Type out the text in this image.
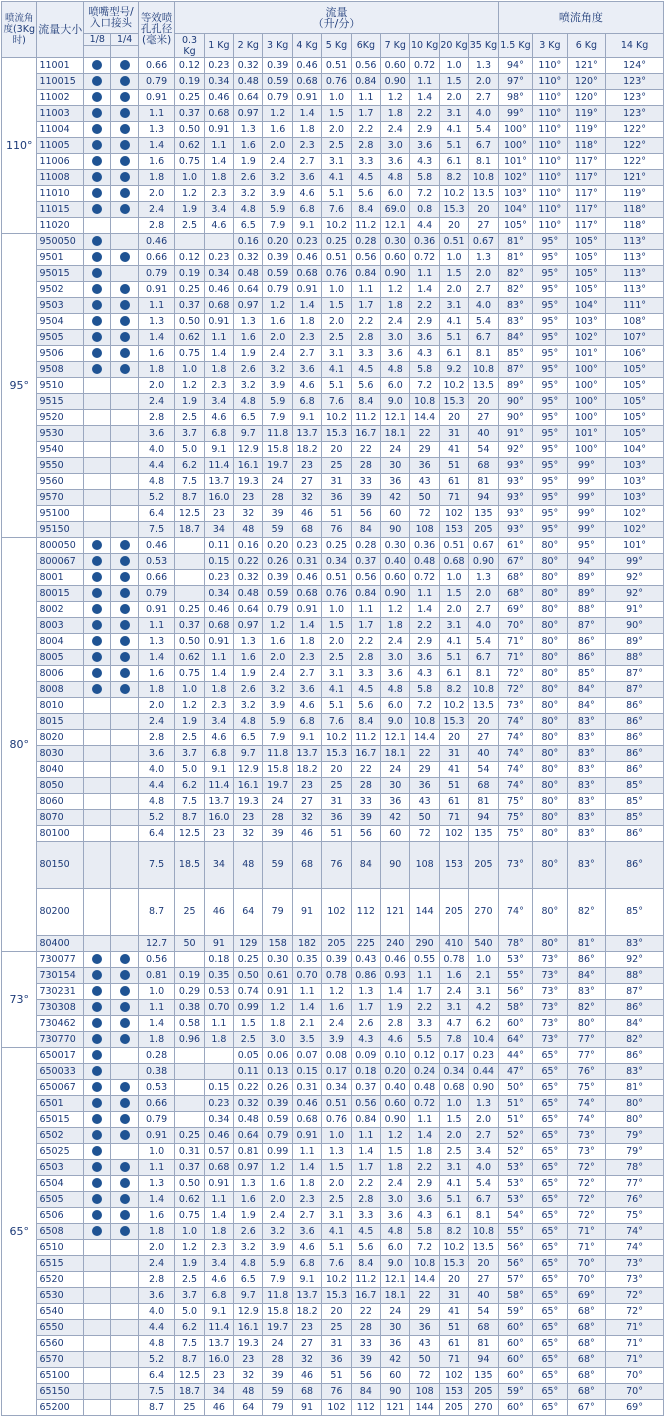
喷流角度(3Kg时)	流量大小	喷嘴型号/入口接头		等效喷孔孔径(毫米)	流量
（升/分）											喷流角度			
		1/8	1/4		0.3 Kg	1 Kg	2 Kg	3 Kg	4 Kg	5 Kg	6Kg	7 Kg	10 Kg	20 Kg	35 Kg	1.5 Kg	3 Kg	6 Kg	14 Kg

110°	11001			0.66	0.12	0.23	0.32	0.39	0.46	0.51	0.56	0.60	0.72	1.0	1.3	94°	110°	121°	124°
	110015			0.79	0.19	0.34	0.48	0.59	0.68	0.76	0.84	0.90	1.1	1.5	2.0	97°	110°	120°	123°
	11002			0.91	0.25	0.46	0.64	0.79	0.91	1.0	1.1	1.2	1.4	2.0	2.7	98°	110°	120°	123°
	11003			1.1	0.37	0.68	0.97	1.2	1.4	1.5	1.7	1.8	2.2	3.1	4.0	99°	110°	119°	123°
	11004			1.3	0.50	0.91	1.3	1.6	1.8	2.0	2.2	2.4	2.9	4.1	5.4	100°	110°	119°	122°
	11005			1.4	0.62	1.1	1.6	2.0	2.3	2.5	2.8	3.0	3.6	5.1	6.7	100°	110°	118°	122°
	11006			1.6	0.75	1.4	1.9	2.4	2.7	3.1	3.3	3.6	4.3	6.1	8.1	101°	110°	117°	122°
	11008			1.8	1.0	1.8	2.6	3.2	3.6	4.1	4.5	4.8	5.8	8.2	10.8	102°	110°	117°	121°
	11010			2.0	1.2	2.3	3.2	3.9	4.6	5.1	5.6	6.0	7.2	10.2	13.5	103°	110°	117°	119°
	11015			2.4	1.9	3.4	4.8	5.9	6.8	7.6	8.4	69.0	0.8	15.3	20	104°	110°	117°	118°
	11020			2.8	2.5	4.6	6.5	7.9	9.1	10.2	11.2	12.1	4.4	20	27	105°	110°	117°	118°
95°	950050			0.46			0.16	0.20	0.23	0.25	0.28	0.30	0.36	0.51	0.67	81°	95°	105°	113°
	9501			0.66	0.12	0.23	0.32	0.39	0.46	0.51	0.56	0.60	0.72	1.0	1.3	81°	95°	105°	113°
	95015			0.79	0.19	0.34	0.48	0.59	0.68	0.76	0.84	0.90	1.1	1.5	2.0	82°	95°	105°	113°
	9502			0.91	0.25	0.46	0.64	0.79	0.91	1.0	1.1	1.2	1.4	2.0	2.7	82°	95°	105°	113°
	9503			1.1	0.37	0.68	0.97	1.2	1.4	1.5	1.7	1.8	2.2	3.1	4.0	83°	95°	104°	111°
	9504			1.3	0.50	0.91	1.3	1.6	1.8	2.0	2.2	2.4	2.9	4.1	5.4	83°	95°	103°	108°
	9505			1.4	0.62	1.1	1.6	2.0	2.3	2.5	2.8	3.0	3.6	5.1	6.7	84°	95°	102°	107°
	9506			1.6	0.75	1.4	1.9	2.4	2.7	3.1	3.3	3.6	4.3	6.1	8.1	85°	95°	101°	106°
	9508			1.8	1.0	1.8	2.6	3.2	3.6	4.1	4.5	4.8	5.8	9.2	10.8	87°	95°	100°	105°
	9510			2.0	1.2	2.3	3.2	3.9	4.6	5.1	5.6	6.0	7.2	10.2	13.5	89°	95°	100°	105°
	9515			2.4	1.9	3.4	4.8	5.9	6.8	7.6	8.4	9.0	10.8	15.3	20	90°	95°	100°	105°
	9520			2.8	2.5	4.6	6.5	7.9	9.1	10.2	11.2	12.1	14.4	20	27	90°	95°	100°	105°
	9530			3.6	3.7	6.8	9.7	11.8	13.7	15.3	16.7	18.1	22	31	40	91°	95°	101°	105°
	9540			4.0	5.0	9.1	12.9	15.8	18.2	20	22	24	29	41	54	92°	95°	100°	104°
	9550			4.4	6.2	11.4	16.1	19.7	23	25	28	30	36	51	68	93°	95°	99°	103°
	9560			4.8	7.5	13.7	19.3	24	27	31	33	36	43	61	81	93°	95°	99°	103°
	9570			5.2	8.7	16.0	23	28	32	36	39	42	50	71	94	93°	95°	99°	103°
	95100			6.4	12.5	23	32	39	46	51	56	60	72	102	135	93°	95°	99°	102°
	95150			7.5	18.7	34	48	59	68	76	84	90	108	153	205	93°	95°	99°	102°
80°	800050			0.46		0.11	0.16	0.20	0.23	0.25	0.28	0.30	0.36	0.51	0.67	61°	80°	95°	101°
	800067			0.53		0.15	0.22	0.26	0.31	0.34	0.37	0.40	0.48	0.68	0.90	67°	80°	94°	99°
	8001			0.66		0.23	0.32	0.39	0.46	0.51	0.56	0.60	0.72	1.0	1.3	68°	80°	89°	92°
	80015			0.79		0.34	0.48	0.59	0.68	0.76	0.84	0.90	1.1	1.5	2.0	68°	80°	89°	92°
	8002			0.91	0.25	0.46	0.64	0.79	0.91	1.0	1.1	1.2	1.4	2.0	2.7	69°	80°	88°	91°
	8003			1.1	0.37	0.68	0.97	1.2	1.4	1.5	1.7	1.8	2.2	3.1	4.0	70°	80°	87°	90°
	8004			1.3	0.50	0.91	1.3	1.6	1.8	2.0	2.2	2.4	2.9	4.1	5.4	71°	80°	86°	89°
	8005			1.4	0.62	1.1	1.6	2.0	2.3	2.5	2.8	3.0	3.6	5.1	6.7	71°	80°	86°	88°
	8006			1.6	0.75	1.4	1.9	2.4	2.7	3.1	3.3	3.6	4.3	6.1	8.1	72°	80°	85°	87°
	8008			1.8	1.0	1.8	2.6	3.2	3.6	4.1	4.5	4.8	5.8	8.2	10.8	72°	80°	84°	87°
	8010			2.0	1.2	2.3	3.2	3.9	4.6	5.1	5.6	6.0	7.2	10.2	13.5	73°	80°	84°	86°
	8015			2.4	1.9	3.4	4.8	5.9	6.8	7.6	8.4	9.0	10.8	15.3	20	74°	80°	83°	86°
	8020			2.8	2.5	4.6	6.5	7.9	9.1	10.2	11.2	12.1	14.4	20	27	74°	80°	83°	86°
	8030			3.6	3.7	6.8	9.7	11.8	13.7	15.3	16.7	18.1	22	31	40	74°	80°	83°	86°
	8040			4.0	5.0	9.1	12.9	15.8	18.2	20	22	24	29	41	54	74°	80°	83°	86°
	8050			4.4	6.2	11.4	16.1	19.7	23	25	28	30	36	51	68	74°	80°	83°	85°
	8060			4.8	7.5	13.7	19.3	24	27	31	33	36	43	61	81	75°	80°	83°	85°
	8070			5.2	8.7	16.0	23	28	32	36	39	42	50	71	94	75°	80°	83°	85°
	80100			6.4	12.5	23	32	39	46	51	56	60	72	102	135	75°	80°	83°	86°
	80150			7.5	18.5	34	48	59	68	76	84	90	108	153	205	73°	80°	83°	86°
	80200			8.7	25	46	64	79	91	102	112	121	144	205	270	74°	80°	82°	85°
	80400			12.7	50	91	129	158	182	205	225	240	290	410	540	78°	80°	81°	83°
73°	730077			0.56		0.18	0.25	0.30	0.35	0.39	0.43	0.46	0.55	0.78	1.0	53°	73°	86°	92°
	730154			0.81	0.19	0.35	0.50	0.61	0.70	0.78	0.86	0.93	1.1	1.6	2.1	55°	73°	84°	88°
	730231			1.0	0.29	0.53	0.74	0.91	1.1	1.2	1.3	1.4	1.7	2.4	3.1	56°	73°	83°	87°
	730308			1.1	0.38	0.70	0.99	1.2	1.4	1.6	1.7	1.9	2.2	3.1	4.2	58°	73°	82°	86°
	730462			1.4	0.58	1.1	1.5	1.8	2.1	2.4	2.6	2.8	3.3	4.7	6.2	60°	73°	80°	84°
	730770			1.8	0.96	1.8	2.5	3.0	3.5	3.9	4.3	4.6	5.5	7.8	10.4	64°	73°	77°	82°
65°	650017			0.28			0.05	0.06	0.07	0.08	0.09	0.10	0.12	0.17	0.23	44°	65°	77°	86°
	650033			0.38			0.11	0.13	0.15	0.17	0.18	0.20	0.24	0.34	0.44	47°	65°	76°	83°
	650067			0.53		0.15	0.22	0.26	0.31	0.34	0.37	0.40	0.48	0.68	0.90	50°	65°	75°	81°
	6501			0.66		0.23	0.32	0.39	0.46	0.51	0.56	0.60	0.72	1.0	1.3	51°	65°	74°	80°
	65015			0.79		0.34	0.48	0.59	0.68	0.76	0.84	0.90	1.1	1.5	2.0	51°	65°	74°	80°
	6502			0.91	0.25	0.46	0.64	0.79	0.91	1.0	1.1	1.2	1.4	2.0	2.7	52°	65°	73°	79°
	65025			1.0	0.31	0.57	0.81	0.99	1.1	1.3	1.4	1.5	1.8	2.5	3.4	52°	65°	73°	79°
	6503			1.1	0.37	0.68	0.97	1.2	1.4	1.5	1.7	1.8	2.2	3.1	4.0	53°	65°	72°	78°
	6504			1.3	0.50	0.91	1.3	1.6	1.8	2.0	2.2	2.4	2.9	4.1	5.4	53°	65°	72°	77°
	6505			1.4	0.62	1.1	1.6	2.0	2.3	2.5	2.8	3.0	3.6	5.1	6.7	53°	65°	72°	76°
	6506			1.6	0.75	1.4	1.9	2.4	2.7	3.1	3.3	3.6	4.3	6.1	8.1	54°	65°	72°	75°
	6508			1.8	1.0	1.8	2.6	3.2	3.6	4.1	4.5	4.8	5.8	8.2	10.8	55°	65°	71°	74°
	6510			2.0	1.2	2.3	3.2	3.9	4.6	5.1	5.6	6.0	7.2	10.2	13.5	56°	65°	71°	74°
	6515			2.4	1.9	3.4	4.8	5.9	6.8	7.6	8.4	9.0	10.8	15.3	20	56°	65°	70°	73°
	6520			2.8	2.5	4.6	6.5	7.9	9.1	10.2	11.2	12.1	14.4	20	27	57°	65°	70°	73°
	6530			3.6	3.7	6.8	9.7	11.8	13.7	15.3	16.7	18.1	22	31	40	58°	65°	69°	72°
	6540			4.0	5.0	9.1	12.9	15.8	18.2	20	22	24	29	41	54	59°	65°	68°	72°
	6550			4.4	6.2	11.4	16.1	19.7	23	25	28	30	36	51	68	60°	65°	68°	71°
	6560			4.8	7.5	13.7	19.3	24	27	31	33	36	43	61	81	60°	65°	68°	71°
	6570			5.2	8.7	16.0	23	28	32	36	39	42	50	71	94	60°	65°	68°	71°
	65100			6.4	12.5	23	32	39	46	51	56	60	72	102	135	60°	65°	68°	70°
	65150			7.5	18.7	34	48	59	68	76	84	90	108	153	205	59°	65°	68°	70°
	65200			8.7	25	46	64	79	91	102	112	121	144	205	270	60°	65°	67°	69°
